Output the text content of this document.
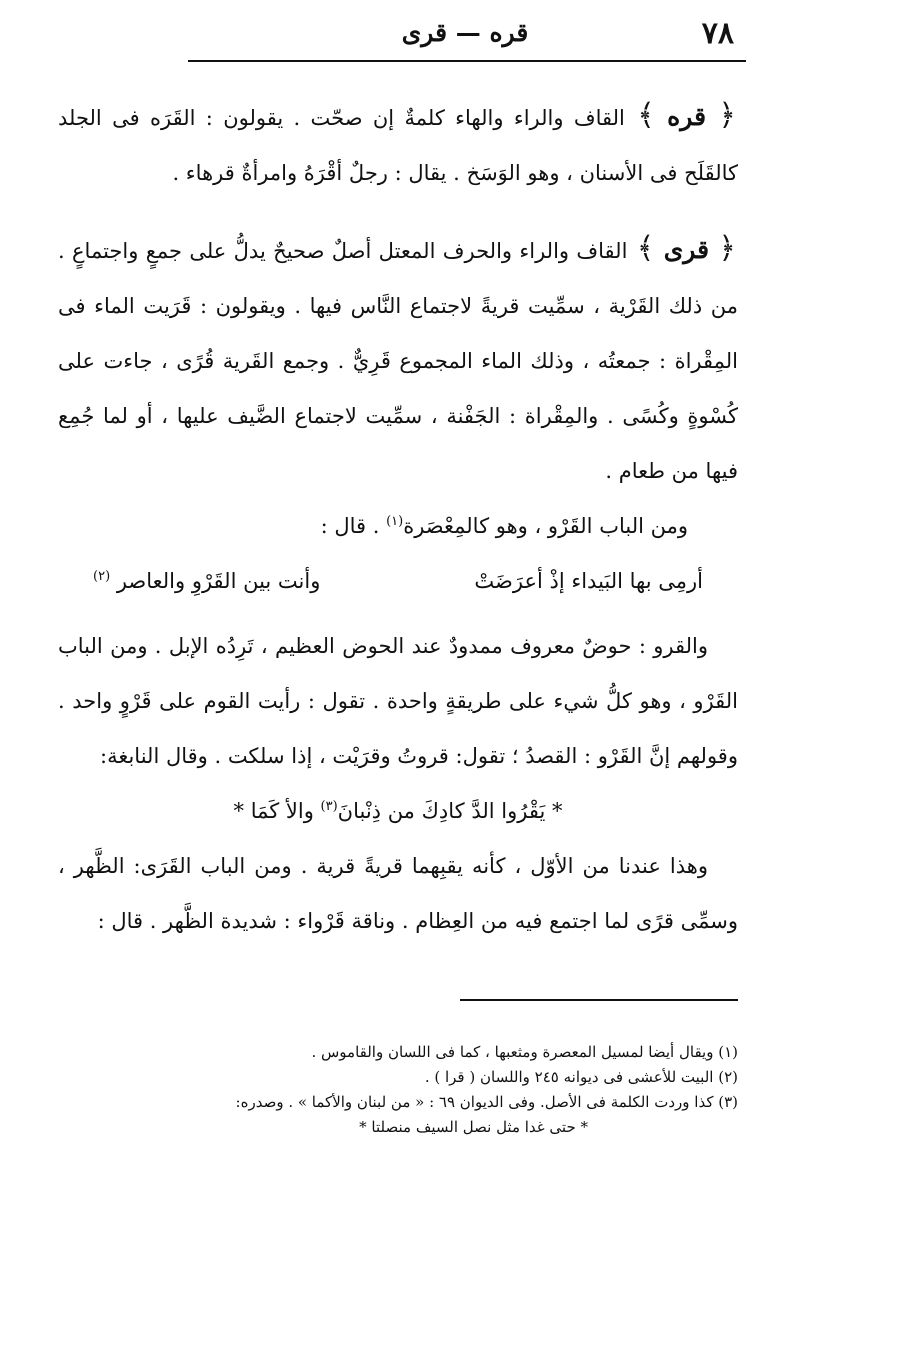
٧٨
قره — قرى

﴿ قره ﴾ القاف والراء والهاء كلمةٌ إن صحّت . يقولون : القَرَه فى الجلد كالقَلَح فى الأسنان ، وهو الوَسَخ . يقال : رجلٌ أقْرَهُ وامرأةٌ قرهاء .

﴿ قرى ﴾ القاف والراء والحرف المعتل أصلٌ صحيحٌ يدلُّ على جمعٍ واجتماعٍ . من ذلك القَرْية ، سمِّيت قريةً لاجتماع النَّاس فيها . ويقولون : قَرَيت الماء فى المِقْراة : جمعتُه ، وذلك الماء المجموع قَرِيٌّ . وجمع القَرية قُرًى ، جاءت على كُسْوةٍ وكُسًى . والمِقْراة : الجَفْنة ، سمِّيت لاجتماع الضَّيف عليها ، أو لما جُمِع فيها من طعام .

ومن الباب القَرْو ، وهو كالمِعْصَرة$^{(١)}$ . قال :

أرمِى بها البَيداء إذْ أعرَضَتْ
وأنت بين القَرْوِ والعاصر $^{(٢)}$

والقرو : حوضٌ معروف ممدودٌ عند الحوض العظيم ، تَرِدُه الإبل . ومن الباب القَرْو ، وهو كلُّ شيء على طريقةٍ واحدة . تقول : رأيت القوم على قَرْوٍ واحد . وقولهم إنَّ القَرْو : القصدُ ؛ تقول: قروتُ وقرَيْت ، إذا سلكت . وقال النابغة:

* يَقْرُوا الدَّ كادِكَ من ذِنْبانَ$^{(٣)}$ والأ كَمَا *

وهذا عندنا من الأوّل ، كأنه يقبِهما قريةً قرية . ومن الباب القَرَى: الظَّهر ، وسمِّى قرًى لما اجتمع فيه من العِظام . وناقة قَرْواء : شديدة الظَّهر . قال :

(١) ويقال أيضا لمسيل المعصرة ومثعبها ، كما فى اللسان والقاموس .

(٢) البيت للأعشى فى ديوانه ٢٤٥ واللسان ( قرا ) .

(٣) كذا وردت الكلمة فى الأصل. وفى الديوان ٦٩ : « من لبنان والأكما » . وصدره:

* حتى غدا مثل نصل السيف منصلتا *
